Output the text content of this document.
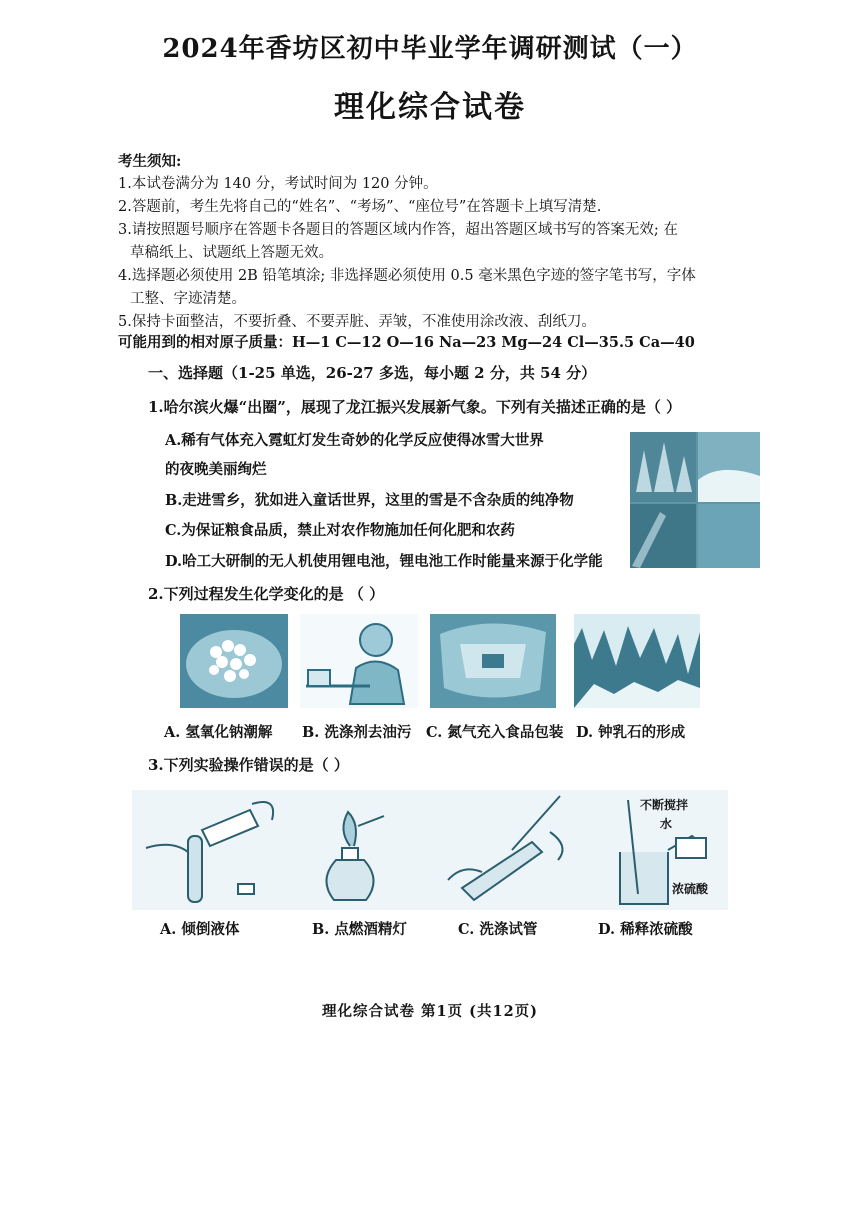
2024年香坊区初中毕业学年调研测试（一）
理化综合试卷
考生须知:
1.本试卷满分为 140 分，考试时间为 120 分钟。
2.答题前，考生先将自己的“姓名”、“考场”、“座位号”在答题卡上填写清楚.
3.请按照题号顺序在答题卡各题目的答题区域内作答，超出答题区域书写的答案无效; 在
草稿纸上、试题纸上答题无效。
4.选择题必须使用 2B 铅笔填涂; 非选择题必须使用 0.5 毫米黑色字迹的签字笔书写，字体
工整、字迹清楚。
5.保持卡面整洁，不要折叠、不要弄脏、弄皱，不准使用涂改液、刮纸刀。
可能用到的相对原子质量：H—1 C—12 O—16 Na—23 Mg—24 Cl—35.5 Ca—40
一、选择题（1-25 单选，26-27 多选，每小题 2 分，共 54 分）
1.哈尔滨火爆“出圈”，展现了龙江振兴发展新气象。下列有关描述正确的是（ ）
A.稀有气体充入霓虹灯发生奇妙的化学反应使得冰雪大世界
的夜晚美丽绚烂
B.走进雪乡，犹如进入童话世界，这里的雪是不含杂质的纯净物
C.为保证粮食品质，禁止对农作物施加任何化肥和农药
D.哈工大研制的无人机使用锂电池，锂电池工作时能量来源于化学能
2.下列过程发生化学变化的是 （ ）
A. 氢氧化钠潮解 B. 洗涤剂去油污 C. 氮气充入食品包装 D. 钟乳石的形成
3.下列实验操作错误的是（ ）
不断搅拌
水
浓硫酸
A. 倾倒液体	B. 点燃酒精灯	C. 洗涤试管	D. 稀释浓硫酸
理化综合试卷 第1页 (共12页)
